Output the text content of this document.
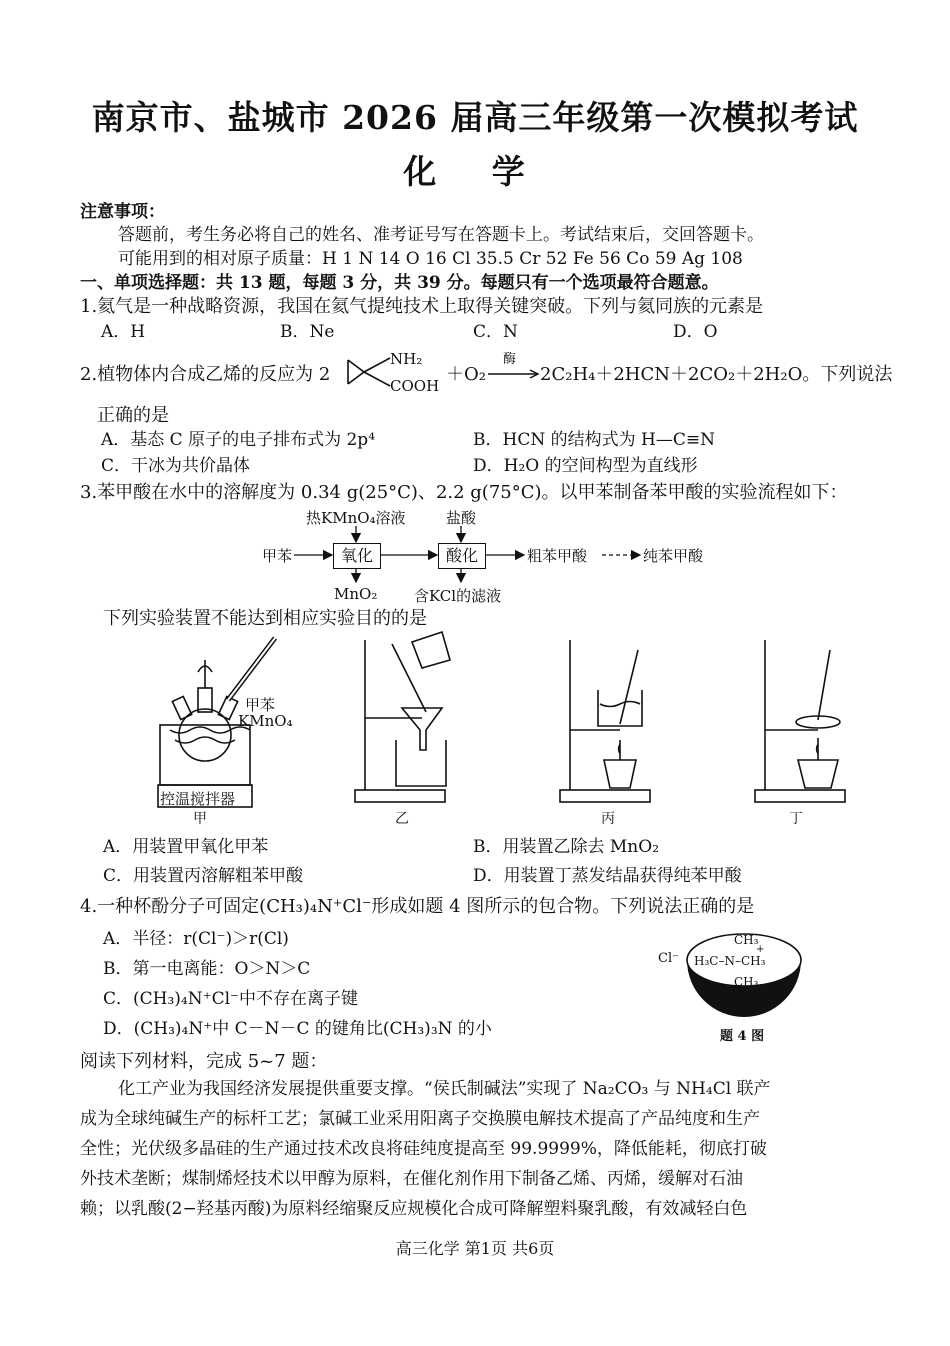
南京市、盐城市 2026 届高三年级第一次模拟考试
化 学
注意事项：
答题前，考生务必将自己的姓名、准考证号写在答题卡上。考试结束后，交回答题卡。
可能用到的相对原子质量：H 1 N 14 O 16 Cl 35.5 Cr 52 Fe 56 Co 59 Ag 108
一、单项选择题：共 13 题，每题 3 分，共 39 分。每题只有一个选项最符合题意。
1.氦气是一种战略资源，我国在氦气提纯技术上取得关键突破。下列与氦同族的元素是
A．H	B．Ne	C．N	D．O
2.植物体内合成乙烯的反应为 2
NH₂
COOH
＋O₂
酶
→ 2C₂H₄＋2HCN＋2CO₂＋2H₂O。下列说法
正确的是
A．基态 C 原子的电子排布式为 2p⁴	B．HCN 的结构式为 H—C≡N
C．干冰为共价晶体	D．H₂O 的空间构型为直线形
3.苯甲酸在水中的溶解度为 0.34 g(25°C)、2.2 g(75°C)。以甲苯制备苯甲酸的实验流程如下：
热KMnO₄溶液	盐酸
甲苯	氧化	酸化	粗苯甲酸	纯苯甲酸
MnO₂ 含KCl的滤液
下列实验装置不能达到相应实验目的的是
甲苯
KMnO₄
控温搅拌器
甲	乙	丙	丁
A．用装置甲氧化甲苯	B．用装置乙除去 MnO₂
C．用装置丙溶解粗苯甲酸	D．用装置丁蒸发结晶获得纯苯甲酸
4.一种杯酚分子可固定(CH₃)₄N⁺Cl⁻形成如题 4 图所示的包合物。下列说法正确的是
A．半径：r(Cl⁻)＞r(Cl)
B．第一电离能：O＞N＞C
C．(CH₃)₄N⁺Cl⁻中不存在离子键
D．(CH₃)₄N⁺中 C－N－C 的键角比(CH₃)₃N 的小
Cl⁻
CH₃
+
H₃C–N–CH₃
CH₃
题 4 图
阅读下列材料，完成 5~7 题：
化工产业为我国经济发展提供重要支撑。“侯氏制碱法”实现了 Na₂CO₃ 与 NH₄Cl 联产
成为全球纯碱生产的标杆工艺；氯碱工业采用阳离子交换膜电解技术提高了产品纯度和生产
全性；光伏级多晶硅的生产通过技术改良将硅纯度提高至 99.9999%，降低能耗，彻底打破
外技术垄断；煤制烯烃技术以甲醇为原料，在催化剂作用下制备乙烯、丙烯，缓解对石油
赖；以乳酸(2−羟基丙酸)为原料经缩聚反应规模化合成可降解塑料聚乳酸，有效减轻白色
高三化学 第1页 共6页
